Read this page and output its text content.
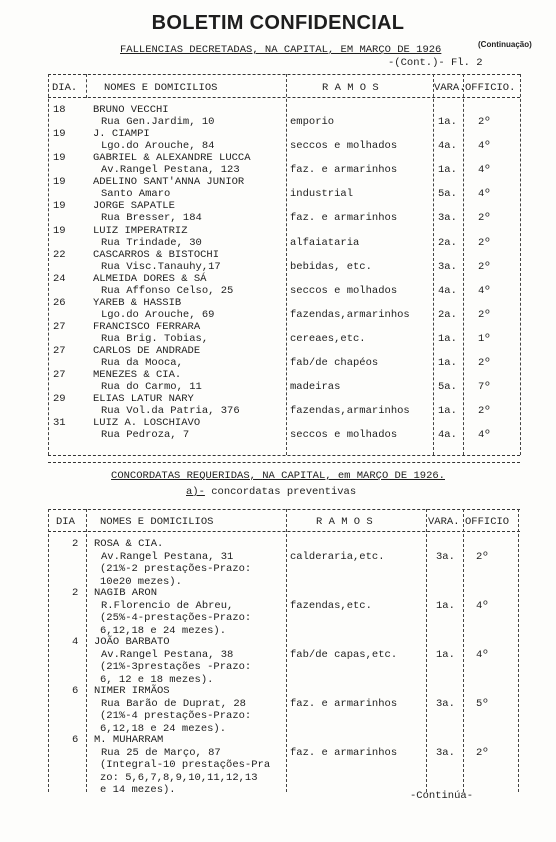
BOLETIM CONFIDENCIAL
(Continuação)
FALLENCIAS DECRETADAS, NA CAPITAL, EM MARÇO DE 1926
-(Cont.)- Fl. 2
DIA.	NOMES E DOMICILIOS	R A M O S	VARA. OFFICIO.
18	BRUNO VECCHI
Rua Gen.Jardim, 10	emporio	1a. 2º
19	J. CIAMPI
Lgo.do Arouche, 84	seccos e molhados	4a. 4º
19	GABRIEL & ALEXANDRE LUCCA
Av.Rangel Pestana, 123	faz. e armarinhos	1a. 4º
19	ADELINO SANT'ANNA JUNIOR
Santo Amaro	industrial	5a. 4º
19	JORGE SAPATLE
Rua Bresser, 184	faz. e armarinhos	3a. 2º
19	LUIZ IMPERATRIZ
Rua Trindade, 30	alfaiataria	2a. 2º
22	CASCARROS & BISTOCHI
Rua Visc.Tanauhy,17	bebidas, etc.	3a. 2º
24	ALMEIDA DORES & SÁ
Rua Affonso Celso, 25	seccos e molhados	4a. 4º
26	YAREB & HASSIB
Lgo.do Arouche, 69	fazendas,armarinhos	2a. 2º
27	FRANCISCO FERRARA
Rua Brig. Tobias,	cereaes,etc.	1a. 1º
27	CARLOS DE ANDRADE
Rua da Mooca,	fab/de chapéos	1a. 2º
27	MENEZES & CIA.
Rua do Carmo, 11	madeiras	5a. 7º
29	ELIAS LATUR NARY
Rua Vol.da Patria, 376	fazendas,armarinhos	1a. 2º
31	LUIZ A. LOSCHIAVO
Rua Pedroza, 7	seccos e molhados	4a. 4º
CONCORDATAS REQUERIDAS, NA CAPITAL, em MARÇO DE 1926.
a)- concordatas preventivas
DIA NOMES E DOMICILIOS	R A M O S	VARA. OFFICIO
2 ROSA & CIA.
Av.Rangel Pestana, 31
(21%-2 prestações-Prazo:
10e20 mezes).
calderaria,etc.	3a. 2º
2 NAGIB ARON
R.Florencio de Abreu,
(25%-4-prestações-Prazo:
6,12,18 e 24 mezes).
fazendas,etc.	1a. 4º
4 JOÃO BARBATO
Av.Rangel Pestana, 38
(21%-3prestações -Prazo:
6, 12 e 18 mezes).
fab/de capas,etc.	1a. 4º
6 NIMER IRMÃOS
Rua Barão de Duprat, 28
(21%-4 prestações-Prazo:
6,12,18 e 24 mezes).
faz. e armarinhos	3a. 5º
6 M. MUHARRAM
Rua 25 de Março, 87
(Integral-10 prestações-Pra
zo: 5,6,7,8,9,10,11,12,13
e 14 mezes).
faz. e armarinhos	3a. 2º
-Continúa-
